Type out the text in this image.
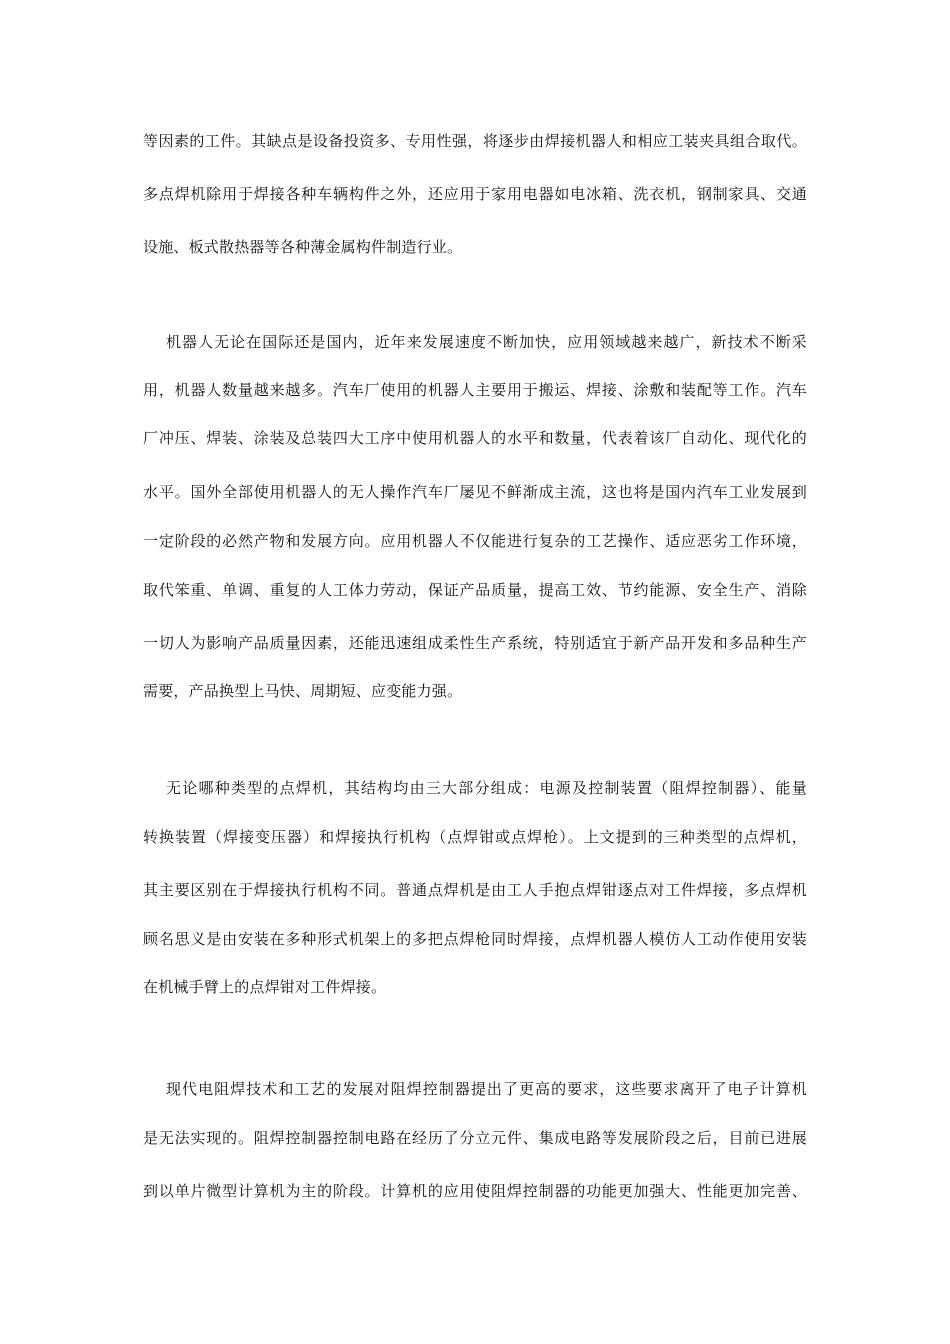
等因素的工件。其缺点是设备投资多、专用性强，将逐步由焊接机器人和相应工装夹具组合取代。
多点焊机除用于焊接各种车辆构件之外，还应用于家用电器如电冰箱、洗衣机，钢制家具、交通
设施、板式散热器等各种薄金属构件制造行业。
机器人无论在国际还是国内，近年来发展速度不断加快，应用领域越来越广，新技术不断采
用，机器人数量越来越多。汽车厂使用的机器人主要用于搬运、焊接、涂敷和装配等工作。汽车
厂冲压、焊装、涂装及总装四大工序中使用机器人的水平和数量，代表着该厂自动化、现代化的
水平。国外全部使用机器人的无人操作汽车厂屡见不鲜渐成主流，这也将是国内汽车工业发展到
一定阶段的必然产物和发展方向。应用机器人不仅能进行复杂的工艺操作、适应恶劣工作环境，
取代笨重、单调、重复的人工体力劳动，保证产品质量，提高工效、节约能源、安全生产、消除
一切人为影响产品质量因素，还能迅速组成柔性生产系统，特别适宜于新产品开发和多品种生产
需要，产品换型上马快、周期短、应变能力强。
无论哪种类型的点焊机，其结构均由三大部分组成：电源及控制装置（阻焊控制器）、能量
转换装置（焊接变压器）和焊接执行机构（点焊钳或点焊枪）。上文提到的三种类型的点焊机，
其主要区别在于焊接执行机构不同。普通点焊机是由工人手抱点焊钳逐点对工件焊接，多点焊机
顾名思义是由安装在多种形式机架上的多把点焊枪同时焊接，点焊机器人模仿人工动作使用安装
在机械手臂上的点焊钳对工件焊接。
现代电阻焊技术和工艺的发展对阻焊控制器提出了更高的要求，这些要求离开了电子计算机
是无法实现的。阻焊控制器控制电路在经历了分立元件、集成电路等发展阶段之后，目前已进展
到以单片微型计算机为主的阶段。计算机的应用使阻焊控制器的功能更加强大、性能更加完善、
